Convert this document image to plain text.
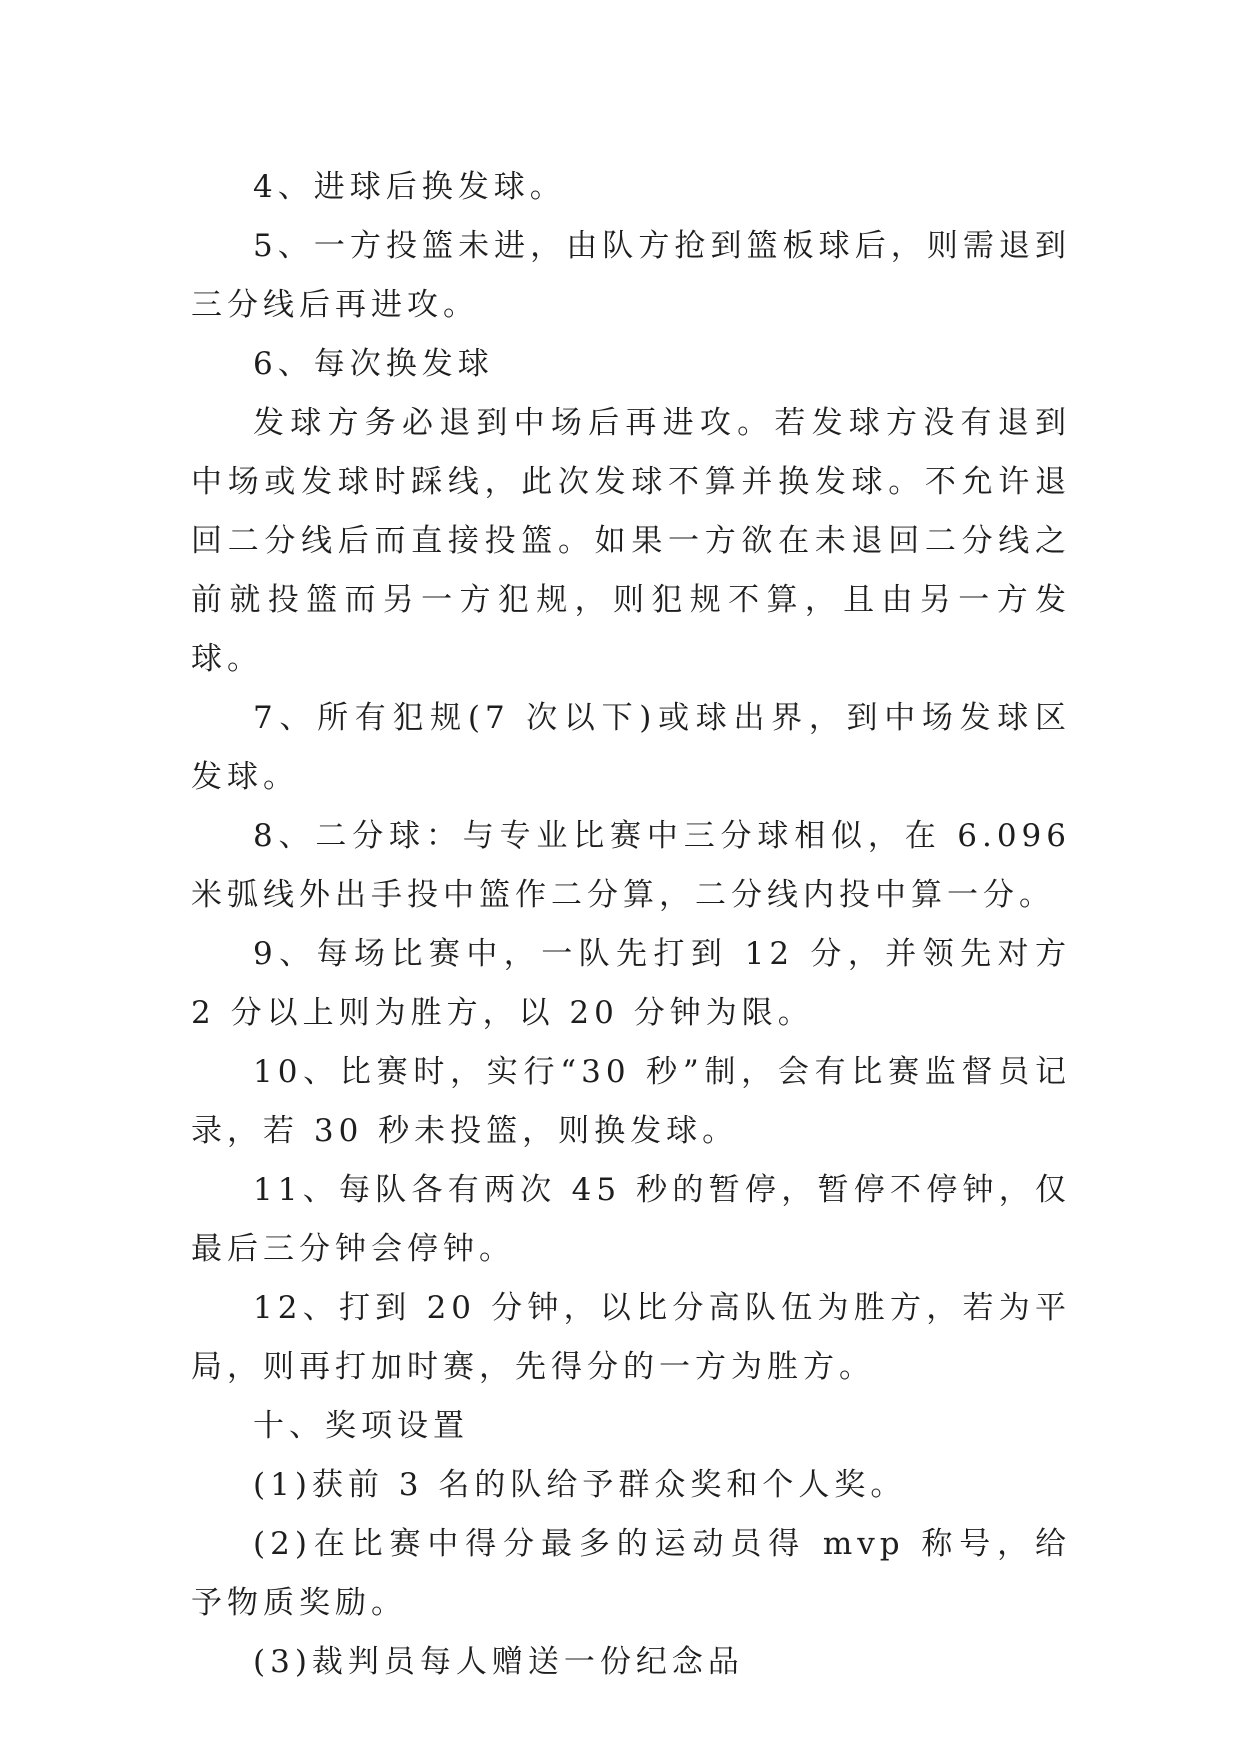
4、进球后换发球。

5、一方投篮未进，由队方抢到篮板球后，则需退到三分线后再进攻。

6、每次换发球

发球方务必退到中场后再进攻。若发球方没有退到中场或发球时踩线，此次发球不算并换发球。不允许退回二分线后而直接投篮。如果一方欲在未退回二分线之前就投篮而另一方犯规，则犯规不算，且由另一方发球。

7、所有犯规(7 次以下)或球出界，到中场发球区发球。

8、二分球：与专业比赛中三分球相似，在 6.096 米弧线外出手投中篮作二分算，二分线内投中算一分。

9、每场比赛中，一队先打到 12 分，并领先对方 2 分以上则为胜方，以 20 分钟为限。

10、比赛时，实行“30 秒”制，会有比赛监督员记录，若 30 秒未投篮，则换发球。

11、每队各有两次 45 秒的暂停，暂停不停钟，仅最后三分钟会停钟。

12、打到 20 分钟，以比分高队伍为胜方，若为平局，则再打加时赛，先得分的一方为胜方。

十、奖项设置

(1)获前 3 名的队给予群众奖和个人奖。

(2)在比赛中得分最多的运动员得 mvp 称号，给予物质奖励。

(3)裁判员每人赠送一份纪念品
